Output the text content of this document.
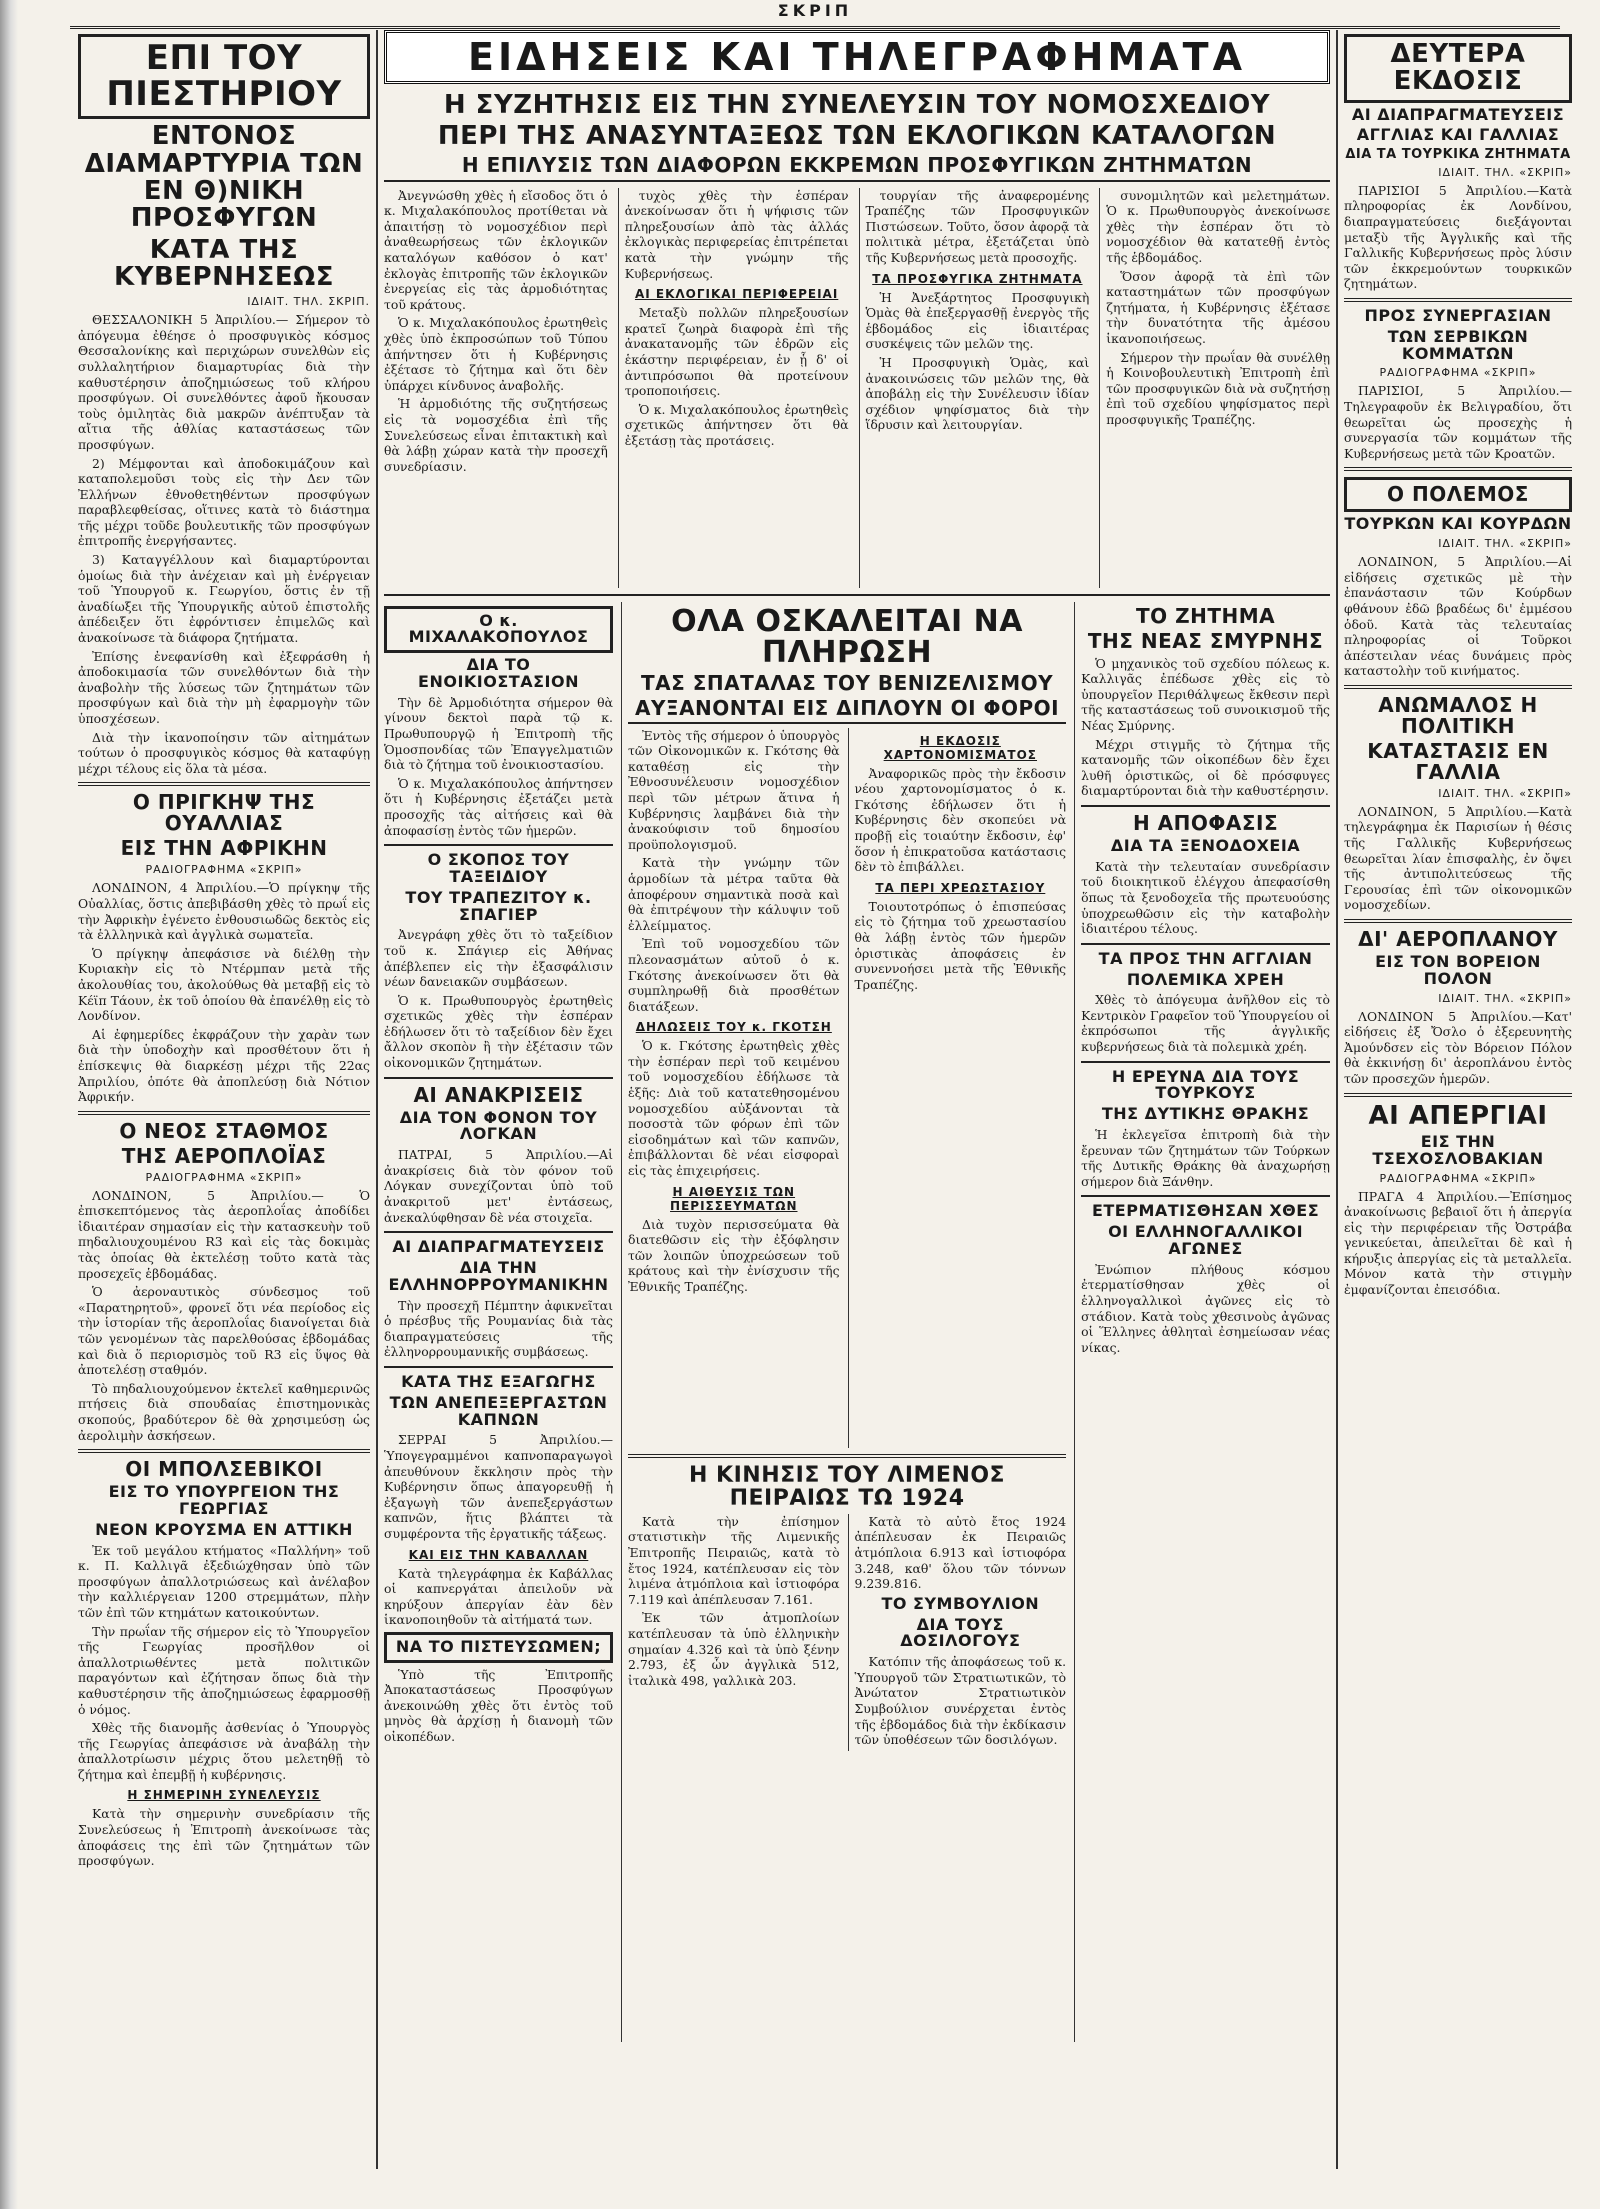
ΣΚΡΙΠ
ΕΠΙ ΤΟΥ ΠΙΕΣΤΗΡΙΟΥ
ΕΝΤΟΝΟΣ ΔΙΑΜΑΡΤΥΡΙΑ ΤΩΝ ΕΝ Θ)ΝΙΚΗ ΠΡΟΣΦΥΓΩΝ
ΚΑΤΑ ΤΗΣ ΚΥΒΕΡΝΗΣΕΩΣ
ΙΔΙΑΙΤ. ΤΗΛ. ΣΚΡΙΠ.

ΘΕΣΣΑΛΟΝΙΚΗ 5 Ἀπριλίου.— Σήμερον τὸ ἀπόγευμα ἐθέησε ὁ προσφυγικὸς κόσμος Θεσσαλονίκης καὶ περιχώρων συνελθὼν εἰς συλλαλητήριον διαμαρτυρίας διὰ τὴν καθυστέρησιν ἀποζημιώσεως τοῦ κλήρου προσφύγων. Οἱ συνελθόντες ἀφοῦ ἤκουσαν τοὺς ὁμιλητὰς διὰ μακρῶν ἀνέπτυξαν τὰ αἴτια τῆς ἀθλίας καταστάσεως τῶν προσφύγων.

2) Μέμφονται καὶ ἀποδοκιμάζουν καὶ καταπολεμοῦσι τοὺς εἰς τὴν Δεν τῶν Ἐλλήνων ἐθνοθετηθέντων προσφύγων παραβλεφθείσας, οἵτινες κατὰ τὸ διάστημα τῆς μέχρι τοῦδε βουλευτικῆς τῶν προσφύγων ἐπιτροπῆς ἐνεργήσαντες.

3) Καταγγέλλουν καὶ διαμαρτύρονται ὁμοίως διὰ τὴν ἀνέχειαν καὶ μὴ ἐνέργειαν τοῦ Ὑπουργοῦ κ. Γεωργίου, ὅστις ἐν τῇ ἀναδίωξει τῆς Ὑπουργικῆς αὐτοῦ ἐπιστολῆς ἀπέδειξεν ὅτι ἐφρόντισεν ἐπιμελῶς καὶ ἀνακοίνωσε τὰ διάφορα ζητήματα.

Ἐπίσης ἐνεφανίσθη καὶ ἐξεφράσθη ἡ ἀποδοκιμασία τῶν συνελθόντων διὰ τὴν ἀναβολὴν τῆς λύσεως τῶν ζητημάτων τῶν προσφύγων καὶ διὰ τὴν μὴ ἐφαρμογὴν τῶν ὑποσχέσεων.

Διὰ τὴν ἱκανοποίησιν τῶν αἰτημάτων τούτων ὁ προσφυγικὸς κόσμος θὰ καταφύγῃ μέχρι τέλους εἰς ὅλα τὰ μέσα.

Ο ΠΡΙΓΚΗΨ ΤΗΣ ΟΥΑΛΛΙΑΣ
ΕΙΣ ΤΗΝ ΑΦΡΙΚΗΝ
ΡΑΔΙΟΓΡΑΦΗΜΑ «ΣΚΡΙΠ»

ΛΟΝΔΙΝΟΝ, 4 Ἀπριλίου.—Ὁ πρίγκηψ τῆς Οὐαλλίας, ὅστις ἀπεβιβάσθη χθὲς τὸ πρωΐ εἰς τὴν Ἀφρικὴν ἐγένετο ἐνθουσιωδῶς δεκτὸς εἰς τὰ ἑλλληνικὰ καὶ ἀγγλικὰ σωματεῖα.

Ὁ πρίγκηψ ἀπεφάσισε νὰ διέλθῃ τὴν Κυριακὴν εἰς τὸ Ντέρμπαν μετὰ τῆς ἀκολουθίας του, ἀκολούθως θὰ μεταβῇ εἰς τὸ Κέϊπ Τάουν, ἐκ τοῦ ὁποίου θὰ ἐπανέλθῃ εἰς τὸ Λονδίνον.

Αἱ ἐφημερίδες ἐκφράζουν τὴν χαρὰν των διὰ τὴν ὑποδοχὴν καὶ προσθέτουν ὅτι ἡ ἐπίσκεψις θὰ διαρκέσῃ μέχρι τῆς 22ας Ἀπριλίου, ὁπότε θὰ ἀποπλεύσῃ διὰ Νότιον Ἀφρικήν.

Ο ΝΕΟΣ ΣΤΑΘΜΟΣ
ΤΗΣ ΑΕΡΟΠΛΟΪΑΣ
ΡΑΔΙΟΓΡΑΦΗΜΑ «ΣΚΡΙΠ»

ΛΟΝΔΙΝΟΝ, 5 Ἀπριλίου.— Ὁ ἐπισκεπτόμενος τὰς ἀεροπλοΐας ἀποδίδει ἰδιαιτέραν σημασίαν εἰς τὴν κατασκευὴν τοῦ πηδαλιουχουμένου R3 καὶ εἰς τὰς δοκιμὰς τὰς ὁποίας θὰ ἐκτελέσῃ τοῦτο κατὰ τὰς προσεχεῖς ἑβδομάδας.

Ὁ ἀεροναυτικὸς σύνδεσμος τοῦ «Παρατηρητοῦ», φρονεῖ ὅτι νέα περίοδος εἰς τὴν ἱστορίαν τῆς ἀεροπλοΐας διανοίγεται διὰ τῶν γενομένων τὰς παρελθούσας ἑβδομάδας καὶ διὰ ὅ περιορισμὸς τοῦ R3 εἰς ὕψος θὰ ἀποτελέσῃ σταθμόν.

Τὸ πηδαλιουχούμενον ἐκτελεῖ καθημερινῶς πτήσεις διὰ σπουδαίας ἐπιστημονικὰς σκοπούς, βραδύτερον δὲ θὰ χρησιμεύσῃ ὡς ἀερολιμὴν ἀσκήσεων.

ΟΙ ΜΠΟΛΣΕΒΙΚΟΙ
ΕΙΣ ΤΟ ΥΠΟΥΡΓΕΙΟΝ ΤΗΣ ΓΕΩΡΓΙΑΣ
ΝΕΟΝ ΚΡΟΥΣΜΑ ΕΝ ΑΤΤΙΚΗ

Ἐκ τοῦ μεγάλου κτήματος «Παλλήνη» τοῦ κ. Π. Καλλιγᾶ ἐξεδιώχθησαν ὑπὸ τῶν προσφύγων ἀπαλλοτριώσεως καὶ ἀνέλαβον τὴν καλλιέργειαν 1200 στρεμμάτων, πλὴν τῶν ἐπὶ τῶν κτημάτων κατοικούντων.

Τὴν πρωΐαν τῆς σήμερον εἰς τὸ Ὑπουργεῖον τῆς Γεωργίας προσῆλθον οἱ ἀπαλλοτριωθέντες μετὰ πολιτικῶν παραγόντων καὶ ἐζήτησαν ὅπως διὰ τὴν καθυστέρησιν τῆς ἀποζημιώσεως ἐφαρμοσθῇ ὁ νόμος.

Χθὲς τῆς διανομῆς ἀσθενίας ὁ Ὑπουργὸς τῆς Γεωργίας ἀπεφάσισε νὰ ἀναβάλῃ τὴν ἀπαλλοτρίωσιν μέχρις ὅτου μελετηθῇ τὸ ζήτημα καὶ ἐπεμβῇ ἡ κυβέρνησις.

Η ΣΗΜΕΡΙΝΗ ΣΥΝΕΛΕΥΣΙΣ

Κατὰ τὴν σημερινὴν συνεδρίασιν τῆς Συνελεύσεως ἡ Ἐπιτροπὴ ἀνεκοίνωσε τὰς ἀποφάσεις της ἐπὶ τῶν ζητημάτων τῶν προσφύγων.

ΕΙΔΗΣΕΙΣ ΚΑΙ ΤΗΛΕΓΡΑΦΗΜΑΤΑ
Η ΣΥΖΗΤΗΣΙΣ ΕΙΣ ΤΗΝ ΣΥΝΕΛΕΥΣΙΝ ΤΟΥ ΝΟΜΟΣΧΕΔΙΟΥ
ΠΕΡΙ ΤΗΣ ΑΝΑΣΥΝΤΑΞΕΩΣ ΤΩΝ ΕΚΛΟΓΙΚΩΝ ΚΑΤΑΛΟΓΩΝ
Η ΕΠΙΛΥΣΙΣ ΤΩΝ ΔΙΑΦΟΡΩΝ ΕΚΚΡΕΜΩΝ ΠΡΟΣΦΥΓΙΚΩΝ ΖΗΤΗΜΑΤΩΝ

Ἀνεγνώσθη χθὲς ἡ εἴσοδος ὅτι ὁ κ. Μιχαλακόπουλος προτίθεται νὰ ἀπαιτήσῃ τὸ νομοσχέδιον περὶ ἀναθεωρήσεως τῶν ἐκλογικῶν καταλόγων καθόσον ὁ κατ' ἐκλογὰς ἐπιτροπῆς τῶν ἐκλογικῶν ἐνεργείας εἰς τὰς ἀρμοδιότητας τοῦ κράτους.

Ὁ κ. Μιχαλακόπουλος ἐρωτηθεὶς χθὲς ὑπὸ ἐκπροσώπων τοῦ Τύπου ἀπήντησεν ὅτι ἡ Κυβέρνησις ἐξέτασε τὸ ζήτημα καὶ ὅτι δὲν ὑπάρχει κίνδυνος ἀναβολῆς.

Ἡ ἀρμοδιότης τῆς συζητήσεως εἰς τὰ νομοσχέδια ἐπὶ τῆς Συνελεύσεως εἶναι ἐπιτακτικὴ καὶ θὰ λάβῃ χώραν κατὰ τὴν προσεχῆ συνεδρίασιν.

τυχὸς χθὲς τὴν ἑσπέραν ἀνεκοίνωσαν ὅτι ἡ ψήφισις τῶν πληρεξουσίων ἀπὸ τὰς ἀλλάς ἐκλογικὰς περιφερείας ἐπιτρέπεται κατὰ τὴν γνώμην τῆς Κυβερνήσεως.

ΑΙ ΕΚΛΟΓΙΚΑΙ ΠΕΡΙΦΕΡΕΙΑΙ

Μεταξὺ πολλῶν πληρεξουσίων κρατεῖ ζωηρὰ διαφορὰ ἐπὶ τῆς ἀνακατανομῆς τῶν ἑδρῶν εἰς ἑκάστην περιφέρειαν, ἐν ᾗ δ' οἱ ἀντιπρόσωποι θὰ προτείνουν τροποποιήσεις.

Ὁ κ. Μιχαλακόπουλος ἐρωτηθεὶς σχετικῶς ἀπήντησεν ὅτι θὰ ἐξετάσῃ τὰς προτάσεις.

τουργίαν τῆς ἀναφερομένης Τραπέζης τῶν Προσφυγικῶν Πιστώσεων. Τοῦτο, ὅσον ἀφορᾷ τὰ πολιτικὰ μέτρα, ἐξετάζεται ὑπὸ τῆς Κυβερνήσεως μετὰ προσοχῆς.

ΤΑ ΠΡΟΣΦΥΓΙΚΑ ΖΗΤΗΜΑΤΑ

Ἡ Ἀνεξάρτητος Προσφυγικὴ Ὁμὰς θὰ ἐπεξεργασθῇ ἐνεργὸς τῆς ἑβδομάδος εἰς ἰδιαιτέρας συσκέψεις τῶν μελῶν της.

Ἡ Προσφυγικὴ Ὁμὰς, καὶ ἀνακοινώσεις τῶν μελῶν της, θὰ ἀποβάλῃ εἰς τὴν Συνέλευσιν ἰδίαν σχέδιον ψηφίσματος διὰ τὴν ἵδρυσιν καὶ λειτουργίαν.

συνομιλητῶν καὶ μελετημάτων. Ὁ κ. Πρωθυπουργὸς ἀνεκοίνωσε χθὲς τὴν ἑσπέραν ὅτι τὸ νομοσχέδιον θὰ κατατεθῇ ἐντὸς τῆς ἑβδομάδος.

Ὅσον ἀφορᾷ τὰ ἐπὶ τῶν καταστημάτων τῶν προσφύγων ζητήματα, ἡ Κυβέρνησις ἐξέτασε τὴν δυνατότητα τῆς ἀμέσου ἱκανοποιήσεως.

Σήμερον τὴν πρωΐαν θὰ συνέλθῃ ἡ Κοινοβουλευτικὴ Ἐπιτροπὴ ἐπὶ τῶν προσφυγικῶν διὰ νὰ συζητήσῃ ἐπὶ τοῦ σχεδίου ψηφίσματος περὶ προσφυγικῆς Τραπέζης.

Ο κ. ΜΙΧΑΛΑΚΟΠΟΥΛΟΣ
ΔΙΑ ΤΟ ΕΝΟΙΚΙΟΣΤΑΣΙΟΝ

Τὴν δὲ Ἀρμοδιότητα σήμερον θὰ γίνουν δεκτοὶ παρὰ τῷ κ. Πρωθυπουργῷ ἡ Ἐπιτροπὴ τῆς Ὁμοσπονδίας τῶν Ἐπαγγελματιῶν διὰ τὸ ζήτημα τοῦ ἐνοικιοστασίου.

Ὁ κ. Μιχαλακόπουλος ἀπήντησεν ὅτι ἡ Κυβέρνησις ἐξετάζει μετὰ προσοχῆς τὰς αἰτήσεις καὶ θὰ ἀποφασίσῃ ἐντὸς τῶν ἡμερῶν.

Ο ΣΚΟΠΟΣ ΤΟΥ ΤΑΞΕΙΔΙΟΥ
ΤΟΥ ΤΡΑΠΕΖΙΤΟΥ κ. ΣΠΑΓΙΕΡ

Ἀνεγράφη χθὲς ὅτι τὸ ταξείδιον τοῦ κ. Σπάγιερ εἰς Ἀθήνας ἀπέβλεπεν εἰς τὴν ἐξασφάλισιν νέων δανειακῶν συμβάσεων.

Ὁ κ. Πρωθυπουργὸς ἐρωτηθεὶς σχετικῶς χθὲς τὴν ἑσπέραν ἐδήλωσεν ὅτι τὸ ταξείδιον δὲν ἔχει ἄλλον σκοπὸν ἢ τὴν ἐξέτασιν τῶν οἰκονομικῶν ζητημάτων.

ΑΙ ΑΝΑΚΡΙΣΕΙΣ
ΔΙΑ ΤΟΝ ΦΟΝΟΝ ΤΟΥ ΛΟΓΚΑΝ

ΠΑΤΡΑΙ, 5 Ἀπριλίου.—Αἱ ἀνακρίσεις διὰ τὸν φόνον τοῦ Λόγκαν συνεχίζονται ὑπὸ τοῦ ἀνακριτοῦ μετ' ἐντάσεως, ἀνεκαλύφθησαν δὲ νέα στοιχεῖα.

ΑΙ ΔΙΑΠΡΑΓΜΑΤΕΥΣΕΙΣ
ΔΙΑ ΤΗΝ ΕΛΛΗΝΟΡΡΟΥΜΑΝΙΚΗΝ

Τὴν προσεχῆ Πέμπτην ἀφικνεῖται ὁ πρέσβυς τῆς Ρουμανίας διὰ τὰς διαπραγματεύσεις τῆς ἐλληνορρουμανικῆς συμβάσεως.

ΚΑΤΑ ΤΗΣ ΕΞΑΓΩΓΗΣ
ΤΩΝ ΑΝΕΠΕΞΕΡΓΑΣΤΩΝ ΚΑΠΝΩΝ

ΣΕΡΡΑΙ 5 Ἀπριλίου.—Ὑπογεγραμμένοι καπνοπαραγωγοὶ ἀπευθύνουν ἔκκλησιν πρὸς τὴν Κυβέρνησιν ὅπως ἀπαγορευθῇ ἡ ἐξαγωγὴ τῶν ἀνεπεξεργάστων καπνῶν, ἥτις βλάπτει τὰ συμφέροντα τῆς ἐργατικῆς τάξεως.

ΚΑΙ ΕΙΣ ΤΗΝ ΚΑΒΑΛΛΑΝ

Κατὰ τηλεγράφημα ἐκ Καβάλλας οἱ καπνεργάται ἀπειλοῦν νὰ κηρύξουν ἀπεργίαν ἐὰν δὲν ἱκανοποιηθοῦν τὰ αἰτήματά των.

ΝΑ ΤΟ ΠΙΣΤΕΥΣΩΜΕΝ;

Ὑπὸ τῆς Ἐπιτροπῆς Ἀποκαταστάσεως Προσφύγων ἀνεκοινώθη χθὲς ὅτι ἐντὸς τοῦ μηνὸς θὰ ἀρχίσῃ ἡ διανομὴ τῶν οἰκοπέδων.

ΟΛΑ ΟΣΚΑΛΕΙΤΑΙ ΝΑ ΠΛΗΡΩΣΗ
ΤΑΣ ΣΠΑΤΑΛΑΣ ΤΟΥ ΒΕΝΙΖΕΛΙΣΜΟΥ
ΑΥΞΑΝΟΝΤΑΙ ΕΙΣ ΔΙΠΛΟΥΝ ΟΙ ΦΟΡΟΙ

Ἐντὸς τῆς σήμερον ὁ ὑπουργὸς τῶν Οἰκονομικῶν κ. Γκότσης θὰ καταθέσῃ εἰς τὴν Ἐθνοσυνέλευσιν νομοσχέδιον περὶ τῶν μέτρων ἅτινα ἡ Κυβέρνησις λαμβάνει διὰ τὴν ἀνακούφισιν τοῦ δημοσίου προϋπολογισμοῦ.

Κατὰ τὴν γνώμην τῶν ἁρμοδίων τὰ μέτρα ταῦτα θὰ ἀποφέρουν σημαντικὰ ποσὰ καὶ θὰ ἐπιτρέψουν τὴν κάλυψιν τοῦ ἐλλείμματος.

Ἐπὶ τοῦ νομοσχεδίου τῶν πλεονασμάτων αὐτοῦ ὁ κ. Γκότσης ἀνεκοίνωσεν ὅτι θὰ συμπληρωθῇ διὰ προσθέτων διατάξεων.

ΔΗΛΩΣΕΙΣ ΤΟΥ κ. ΓΚΟΤΣΗ

Ὁ κ. Γκότσης ἐρωτηθεὶς χθὲς τὴν ἑσπέραν περὶ τοῦ κειμένου τοῦ νομοσχεδίου ἐδήλωσε τὰ ἑξῆς: Διὰ τοῦ κατατεθησομένου νομοσχεδίου αὐξάνονται τὰ ποσοστὰ τῶν φόρων ἐπὶ τῶν εἰσοδημάτων καὶ τῶν καπνῶν, ἐπιβάλλονται δὲ νέαι εἰσφοραὶ εἰς τὰς ἐπιχειρήσεις.

Η ΑΙΘΕΥΣΙΣ ΤΩΝ ΠΕΡΙΣΣΕΥΜΑΤΩΝ

Διὰ τυχὸν περισσεύματα θὰ διατεθῶσιν εἰς τὴν ἐξόφλησιν τῶν λοιπῶν ὑποχρεώσεων τοῦ κράτους καὶ τὴν ἐνίσχυσιν τῆς Ἐθνικῆς Τραπέζης.

Η ΕΚΔΟΣΙΣ ΧΑΡΤΟΝΟΜΙΣΜΑΤΟΣ

Ἀναφορικῶς πρὸς τὴν ἔκδοσιν νέου χαρτονομίσματος ὁ κ. Γκότσης ἐδήλωσεν ὅτι ἡ Κυβέρνησις δὲν σκοπεύει νὰ προβῇ εἰς τοιαύτην ἔκδοσιν, ἐφ' ὅσον ἡ ἐπικρατοῦσα κατάστασις δὲν τὸ ἐπιβάλλει.

ΤΑ ΠΕΡΙ ΧΡΕΩΣΤΑΣΙΟΥ

Τοιουτοτρόπως ὁ ἐπισπεύσας εἰς τὸ ζήτημα τοῦ χρεωστασίου θὰ λάβῃ ἐντὸς τῶν ἡμερῶν ὁριστικὰς ἀποφάσεις ἐν συνεννοήσει μετὰ τῆς Ἐθνικῆς Τραπέζης.

Η ΚΙΝΗΣΙΣ ΤΟΥ ΛΙΜΕΝΟΣ ΠΕΙΡΑΙΩΣ ΤΩ 1924

Κατὰ τὴν ἐπίσημον στατιστικὴν τῆς Λιμενικῆς Ἐπιτροπῆς Πειραιῶς, κατὰ τὸ ἔτος 1924, κατέπλευσαν εἰς τὸν λιμένα ἀτμόπλοια καὶ ἱστιοφόρα 7.119 καὶ ἀπέπλευσαν 7.161.

Ἐκ τῶν ἀτμοπλοίων κατέπλευσαν τὰ ὑπὸ ἑλληνικὴν σημαίαν 4.326 καὶ τὰ ὑπὸ ξένην 2.793, ἐξ ὧν ἀγγλικὰ 512, ἰταλικὰ 498, γαλλικὰ 203.

Κατὰ τὸ αὐτὸ ἔτος 1924 ἀπέπλευσαν ἐκ Πειραιῶς ἀτμόπλοια 6.913 καὶ ἱστιοφόρα 3.248, καθ' ὅλου τῶν τόννων 9.239.816.

ΤΟ ΣΥΜΒΟΥΛΙΟΝ
ΔΙΑ ΤΟΥΣ ΔΟΣΙΛΟΓΟΥΣ

Κατόπιν τῆς ἀποφάσεως τοῦ κ. Ὑπουργοῦ τῶν Στρατιωτικῶν, τὸ Ἀνώτατον Στρατιωτικὸν Συμβούλιον συνέρχεται ἐντὸς τῆς ἑβδομάδος διὰ τὴν ἐκδίκασιν τῶν ὑποθέσεων τῶν δοσιλόγων.

ΤΟ ΖΗΤΗΜΑ
ΤΗΣ ΝΕΑΣ ΣΜΥΡΝΗΣ

Ὁ μηχανικὸς τοῦ σχεδίου πόλεως κ. Καλλιγᾶς ἐπέδωσε χθὲς εἰς τὸ ὑπουργεῖον Περιθάλψεως ἔκθεσιν περὶ τῆς καταστάσεως τοῦ συνοικισμοῦ τῆς Νέας Σμύρνης.

Μέχρι στιγμῆς τὸ ζήτημα τῆς κατανομῆς τῶν οἰκοπέδων δὲν ἔχει λυθῆ ὁριστικῶς, οἱ δὲ πρόσφυγες διαμαρτύρονται διὰ τὴν καθυστέρησιν.

Η ΑΠΟΦΑΣΙΣ
ΔΙΑ ΤΑ ΞΕΝΟΔΟΧΕΙΑ

Κατὰ τὴν τελευταίαν συνεδρίασιν τοῦ διοικητικοῦ ἐλέγχου ἀπεφασίσθη ὅπως τὰ ξενοδοχεῖα τῆς πρωτευούσης ὑποχρεωθῶσιν εἰς τὴν καταβολὴν ἰδιαιτέρου τέλους.

ΤΑ ΠΡΟΣ ΤΗΝ ΑΓΓΛΙΑΝ
ΠΟΛΕΜΙΚΑ ΧΡΕΗ

Χθὲς τὸ ἀπόγευμα ἀνῆλθον εἰς τὸ Κεντρικὸν Γραφεῖον τοῦ Ὑπουργείου οἱ ἐκπρόσωποι τῆς ἀγγλικῆς κυβερνήσεως διὰ τὰ πολεμικὰ χρέη.

Η ΕΡΕΥΝΑ ΔΙΑ ΤΟΥΣ ΤΟΥΡΚΟΥΣ
ΤΗΣ ΔΥΤΙΚΗΣ ΘΡΑΚΗΣ

Ἡ ἐκλεγεῖσα ἐπιτροπὴ διὰ τὴν ἔρευναν τῶν ζητημάτων τῶν Τούρκων τῆς Δυτικῆς Θράκης θὰ ἀναχωρήσῃ σήμερον διὰ Ξάνθην.

ΕΤΕΡΜΑΤΙΣΘΗΣΑΝ ΧΘΕΣ
ΟΙ ΕΛΛΗΝΟΓΑΛΛΙΚΟΙ ΑΓΩΝΕΣ

Ἐνώπιον πλήθους κόσμου ἐτερματίσθησαν χθὲς οἱ ἑλληνογαλλικοὶ ἀγῶνες εἰς τὸ στάδιον. Κατὰ τοὺς χθεσινοὺς ἀγῶνας οἱ Ἕλληνες ἀθληταὶ ἐσημείωσαν νέας νίκας.

ΔΕΥΤΕΡΑ ΕΚΔΟΣΙΣ
ΑΙ ΔΙΑΠΡΑΓΜΑΤΕΥΣΕΙΣ
ΑΓΓΛΙΑΣ ΚΑΙ ΓΑΛΛΙΑΣ
ΔΙΑ ΤΑ ΤΟΥΡΚΙΚΑ ΖΗΤΗΜΑΤΑ
ΙΔΙΑΙΤ. ΤΗΛ. «ΣΚΡΙΠ»

ΠΑΡΙΣΙΟΙ 5 Ἀπριλίου.—Κατὰ πληροφορίας ἐκ Λονδίνου, διαπραγματεύσεις διεξάγονται μεταξὺ τῆς Ἀγγλικῆς καὶ τῆς Γαλλικῆς Κυβερνήσεως πρὸς λύσιν τῶν ἐκκρεμούντων τουρκικῶν ζητημάτων.

ΠΡΟΣ ΣΥΝΕΡΓΑΣΙΑΝ
ΤΩΝ ΣΕΡΒΙΚΩΝ ΚΟΜΜΑΤΩΝ
ΡΑΔΙΟΓΡΑΦΗΜΑ «ΣΚΡΙΠ»

ΠΑΡΙΣΙΟΙ, 5 Ἀπριλίου.—Τηλεγραφοῦν ἐκ Βελιγραδίου, ὅτι θεωρεῖται ὡς προσεχὴς ἡ συνεργασία τῶν κομμάτων τῆς Κυβερνήσεως μετὰ τῶν Κροατῶν.

Ο ΠΟΛΕΜΟΣ
ΤΟΥΡΚΩΝ ΚΑΙ ΚΟΥΡΔΩΝ
ΙΔΙΑΙΤ. ΤΗΛ. «ΣΚΡΙΠ»

ΛΟΝΔΙΝΟΝ, 5 Ἀπριλίου.—Αἱ εἰδήσεις σχετικῶς μὲ τὴν ἐπανάστασιν τῶν Κούρδων φθάνουν ἐδῶ βραδέως δι' ἐμμέσου ὁδοῦ. Κατὰ τὰς τελευταίας πληροφορίας οἱ Τοῦρκοι ἀπέστειλαν νέας δυνάμεις πρὸς καταστολὴν τοῦ κινήματος.

ΑΝΩΜΑΛΟΣ Η ΠΟΛΙΤΙΚΗ
ΚΑΤΑΣΤΑΣΙΣ ΕΝ ΓΑΛΛΙΑ
ΙΔΙΑΙΤ. ΤΗΛ. «ΣΚΡΙΠ»

ΛΟΝΔΙΝΟΝ, 5 Ἀπριλίου.—Κατὰ τηλεγράφημα ἐκ Παρισίων ἡ θέσις τῆς Γαλλικῆς Κυβερνήσεως θεωρεῖται λίαν ἐπισφαλὴς, ἐν ὄψει τῆς ἀντιπολιτεύσεως τῆς Γερουσίας ἐπὶ τῶν οἰκονομικῶν νομοσχεδίων.

ΔΙ' ΑΕΡΟΠΛΑΝΟΥ
ΕΙΣ ΤΟΝ ΒΟΡΕΙΟΝ ΠΟΛΟΝ
ΙΔΙΑΙΤ. ΤΗΛ. «ΣΚΡΙΠ»

ΛΟΝΔΙΝΟΝ 5 Ἀπριλίου.—Κατ' εἰδήσεις ἐξ Ὄσλο ὁ ἐξερευνητὴς Ἀμούνδσεν εἰς τὸν Βόρειον Πόλον θὰ ἐκκινήσῃ δι' ἀεροπλάνου ἐντὸς τῶν προσεχῶν ἡμερῶν.

ΑΙ ΑΠΕΡΓΙΑΙ
ΕΙΣ ΤΗΝ ΤΣΕΧΟΣΛΟΒΑΚΙΑΝ
ΡΑΔΙΟΓΡΑΦΗΜΑ «ΣΚΡΙΠ»

ΠΡΑΓΑ 4 Ἀπριλίου.—Ἐπίσημος ἀνακοίνωσις βεβαιοῖ ὅτι ἡ ἀπεργία εἰς τὴν περιφέρειαν τῆς Ὀστράβα γενικεύεται, ἀπειλεῖται δὲ καὶ ἡ κήρυξις ἀπεργίας εἰς τὰ μεταλλεῖα. Μόνον κατὰ τὴν στιγμὴν ἐμφανίζονται ἐπεισόδια.
